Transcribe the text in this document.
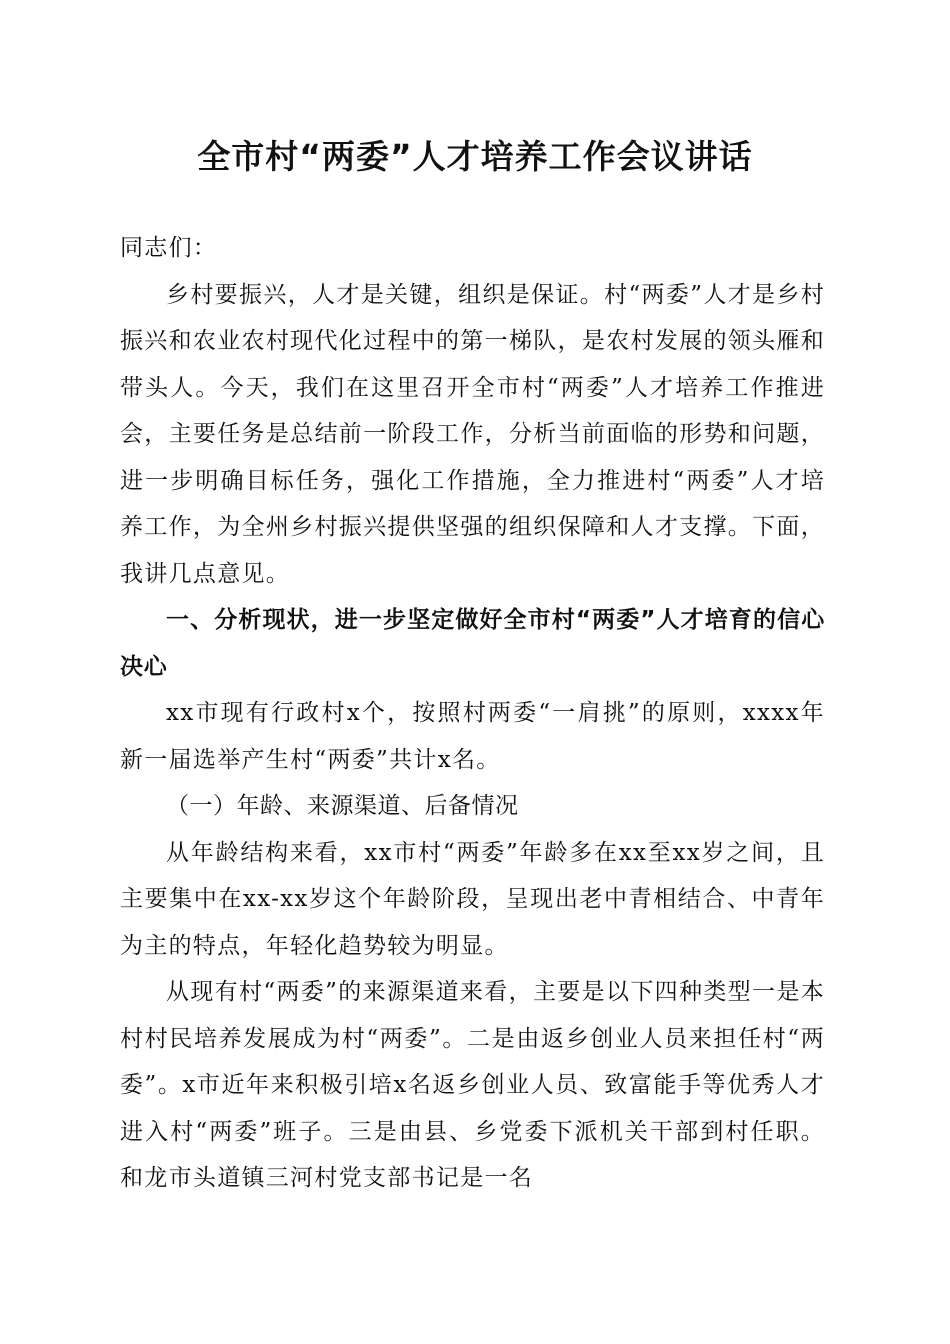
全市村“两委”人才培养工作会议讲话

同志们：

乡村要振兴，人才是关键，组织是保证。村“两委”人才是乡村振兴和农业农村现代化过程中的第一梯队，是农村发展的领头雁和带头人。今天，我们在这里召开全市村“两委”人才培养工作推进会，主要任务是总结前一阶段工作，分析当前面临的形势和问题，进一步明确目标任务，强化工作措施，全力推进村“两委”人才培养工作，为全州乡村振兴提供坚强的组织保障和人才支撑。下面，我讲几点意见。

一、分析现状，进一步坚定做好全市村“两委”人才培育的信心决心

xx市现有行政村x个，按照村两委“一肩挑”的原则，xxxx年新一届选举产生村“两委”共计x名。

（一）年龄、来源渠道、后备情况

从年龄结构来看，xx市村“两委”年龄多在xx至xx岁之间，且主要集中在xx-xx岁这个年龄阶段，呈现出老中青相结合、中青年为主的特点，年轻化趋势较为明显。

从现有村“两委”的来源渠道来看，主要是以下四种类型一是本村村民培养发展成为村“两委”。二是由返乡创业人员来担任村“两委”。x市近年来积极引培x名返乡创业人员、致富能手等优秀人才进入村“两委”班子。三是由县、乡党委下派机关干部到村任职。和龙市头道镇三河村党支部书记是一名
